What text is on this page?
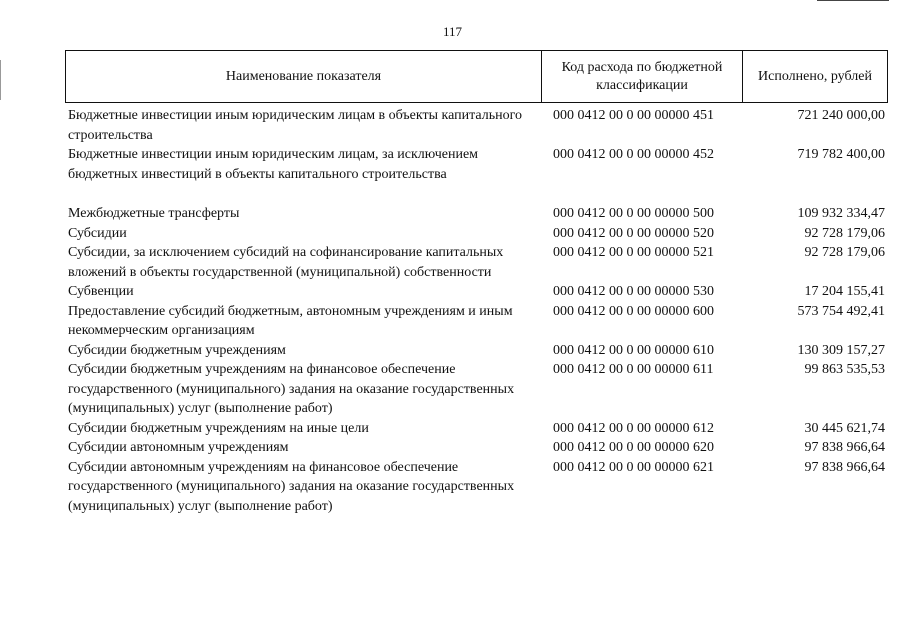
117
Наименование показателя
Код расхода по бюджетной классификации
Исполнено, рублей
Бюджетные инвестиции иным юридическим лицам в объекты капитального строительства
000 0412 00 0 00 00000 451	721 240 000,00
Бюджетные инвестиции иным юридическим лицам, за исключением бюджетных инвестиций в объекты капитального строительства
000 0412 00 0 00 00000 452	719 782 400,00
Межбюджетные трансферты	000 0412 00 0 00 00000 500	109 932 334,47
Субсидии	000 0412 00 0 00 00000 520	92 728 179,06
Субсидии, за исключением субсидий на софинансирование капитальных вложений в объекты государственной (муниципальной) собственности
000 0412 00 0 00 00000 521	92 728 179,06
Субвенции	000 0412 00 0 00 00000 530	17 204 155,41
Предоставление субсидий бюджетным, автономным учреждениям и иным некоммерческим организациям
000 0412 00 0 00 00000 600	573 754 492,41
Субсидии бюджетным учреждениям	000 0412 00 0 00 00000 610	130 309 157,27
Субсидии бюджетным учреждениям на финансовое обеспечение государственного (муниципального) задания на оказание государственных (муниципальных) услуг (выполнение работ)
000 0412 00 0 00 00000 611	99 863 535,53
Субсидии бюджетным учреждениям на иные цели	000 0412 00 0 00 00000 612	30 445 621,74
Субсидии автономным учреждениям	000 0412 00 0 00 00000 620	97 838 966,64
Субсидии автономным учреждениям на финансовое обеспечение государственного (муниципального) задания на оказание государственных (муниципальных) услуг (выполнение работ)
000 0412 00 0 00 00000 621	97 838 966,64
